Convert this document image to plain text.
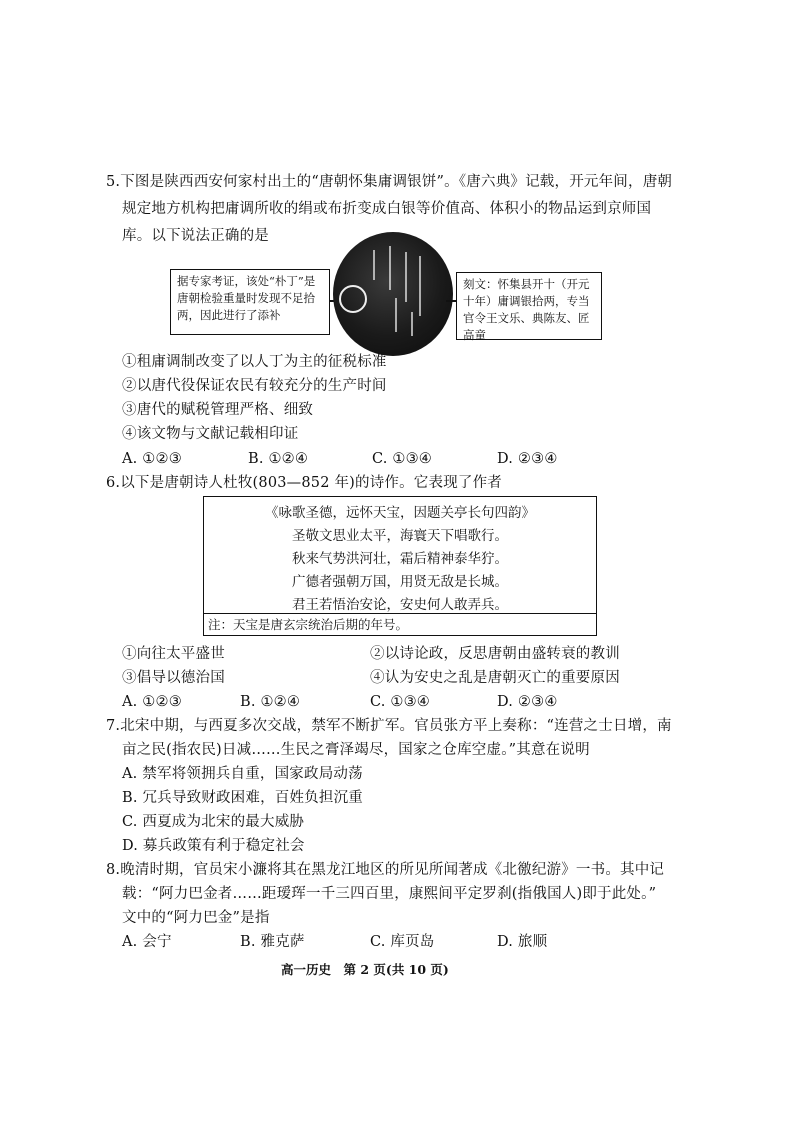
5.下图是陕西西安何家村出土的“唐朝怀集庸调银饼”。《唐六典》记载，开元年间，唐朝
规定地方机构把庸调所收的绢或布折变成白银等价值高、体积小的物品运到京师国
库。以下说法正确的是
据专家考证，该处“朴丁”是唐朝检验重量时发现不足拾两，因此进行了添补
刻文：怀集县开十（开元十年）庸调银拾两，专当官令王文乐、典陈友、匠高童
①租庸调制改变了以人丁为主的征税标准
②以唐代役保证农民有较充分的生产时间
③唐代的赋税管理严格、细致
④该文物与文献记载相印证
A. ①②③	B. ①②④	C. ①③④	D. ②③④
6.以下是唐朝诗人杜牧(803—852 年)的诗作。它表现了作者
《咏歌圣德，远怀天宝，因题关亭长句四韵》
圣敬文思业太平，海寰天下唱歌行。
秋来气势洪河壮，霜后精神泰华狞。
广德者强朝万国，用贤无敌是长城。
君王若悟治安论，安史何人敢弄兵。
注：天宝是唐玄宗统治后期的年号。
①向往太平盛世	②以诗论政，反思唐朝由盛转衰的教训
③倡导以德治国	④认为安史之乱是唐朝灭亡的重要原因
A. ①②③	B. ①②④	C. ①③④	D. ②③④
7.北宋中期，与西夏多次交战，禁军不断扩军。官员张方平上奏称：“连营之士日增，南
亩之民(指农民)日减……生民之膏泽竭尽，国家之仓库空虚。”其意在说明
A. 禁军将领拥兵自重，国家政局动荡
B. 冗兵导致财政困难，百姓负担沉重
C. 西夏成为北宋的最大威胁
D. 募兵政策有利于稳定社会
8.晚清时期，官员宋小濂将其在黑龙江地区的所见所闻著成《北徼纪游》一书。其中记
载：“阿力巴金者……距瑷珲一千三四百里，康熙间平定罗刹(指俄国人)即于此处。”
文中的“阿力巴金”是指
A. 会宁	B. 雅克萨	C. 库页岛	D. 旅顺
高一历史　第 2 页(共 10 页)
